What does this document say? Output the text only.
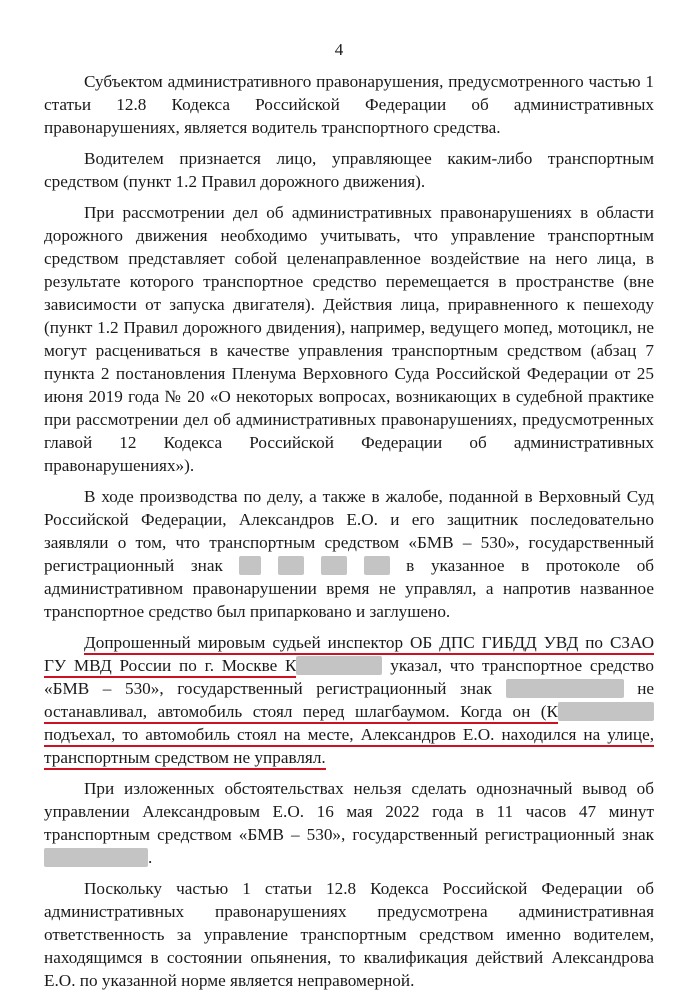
4

Субъектом административного правонарушения, предусмотренного частью 1 статьи 12.8 Кодекса Российской Федерации об административных правонарушениях, является водитель транспортного средства.

Водителем признается лицо, управляющее каким-либо транспортным средством (пункт 1.2 Правил дорожного движения).

При рассмотрении дел об административных правонарушениях в области дорожного движения необходимо учитывать, что управление транспортным средством представляет собой целенаправленное воздействие на него лица, в результате которого транспортное средство перемещается в пространстве (вне зависимости от запуска двигателя). Действия лица, приравненного к пешеходу (пункт 1.2 Правил дорожного двидения), например, ведущего мопед, мотоцикл, не могут расцениваться в качестве управления транспортным средством (абзац 7 пункта 2 постановления Пленума Верховного Суда Российской Федерации от 25 июня 2019 года № 20 «О некоторых вопросах, возникающих в судебной практике при рассмотрении дел об административных правонарушениях, предусмотренных главой 12 Кодекса Российской Федерации об административных правонарушениях»).

В ходе производства по делу, а также в жалобе, поданной в Верховный Суд Российской Федерации, Александров Е.О. и его защитник последовательно заявляли о том, что транспортным средством «БМВ – 530», государственный регистрационный знак	в указанное в протоколе об административном правонарушении время не управлял, а напротив названное транспортное средство был припарковано и заглушено.

Допрошенный мировым судьей инспектор ОБ ДПС ГИБДД УВД по СЗАО ГУ МВД России по г. Москве К	указал, что транспортное средство «БМВ – 530», государственный регистрационный знак	не останавливал, автомобиль стоял перед шлагбаумом. Когда он (К подъехал, то автомобиль стоял на месте, Александров Е.О. находился на улице, транспортным средством не управлял.

При изложенных обстоятельствах нельзя сделать однозначный вывод об управлении Александровым Е.О. 16 мая 2022 года в 11 часов 47 минут транспортным средством «БМВ – 530», государственный регистрационный знак .

Поскольку частью 1 статьи 12.8 Кодекса Российской Федерации об административных правонарушениях предусмотрена административная ответственность за управление транспортным средством именно водителем, находящимся в состоянии опьянения, то квалификация действий Александрова Е.О. по указанной норме является неправомерной.
